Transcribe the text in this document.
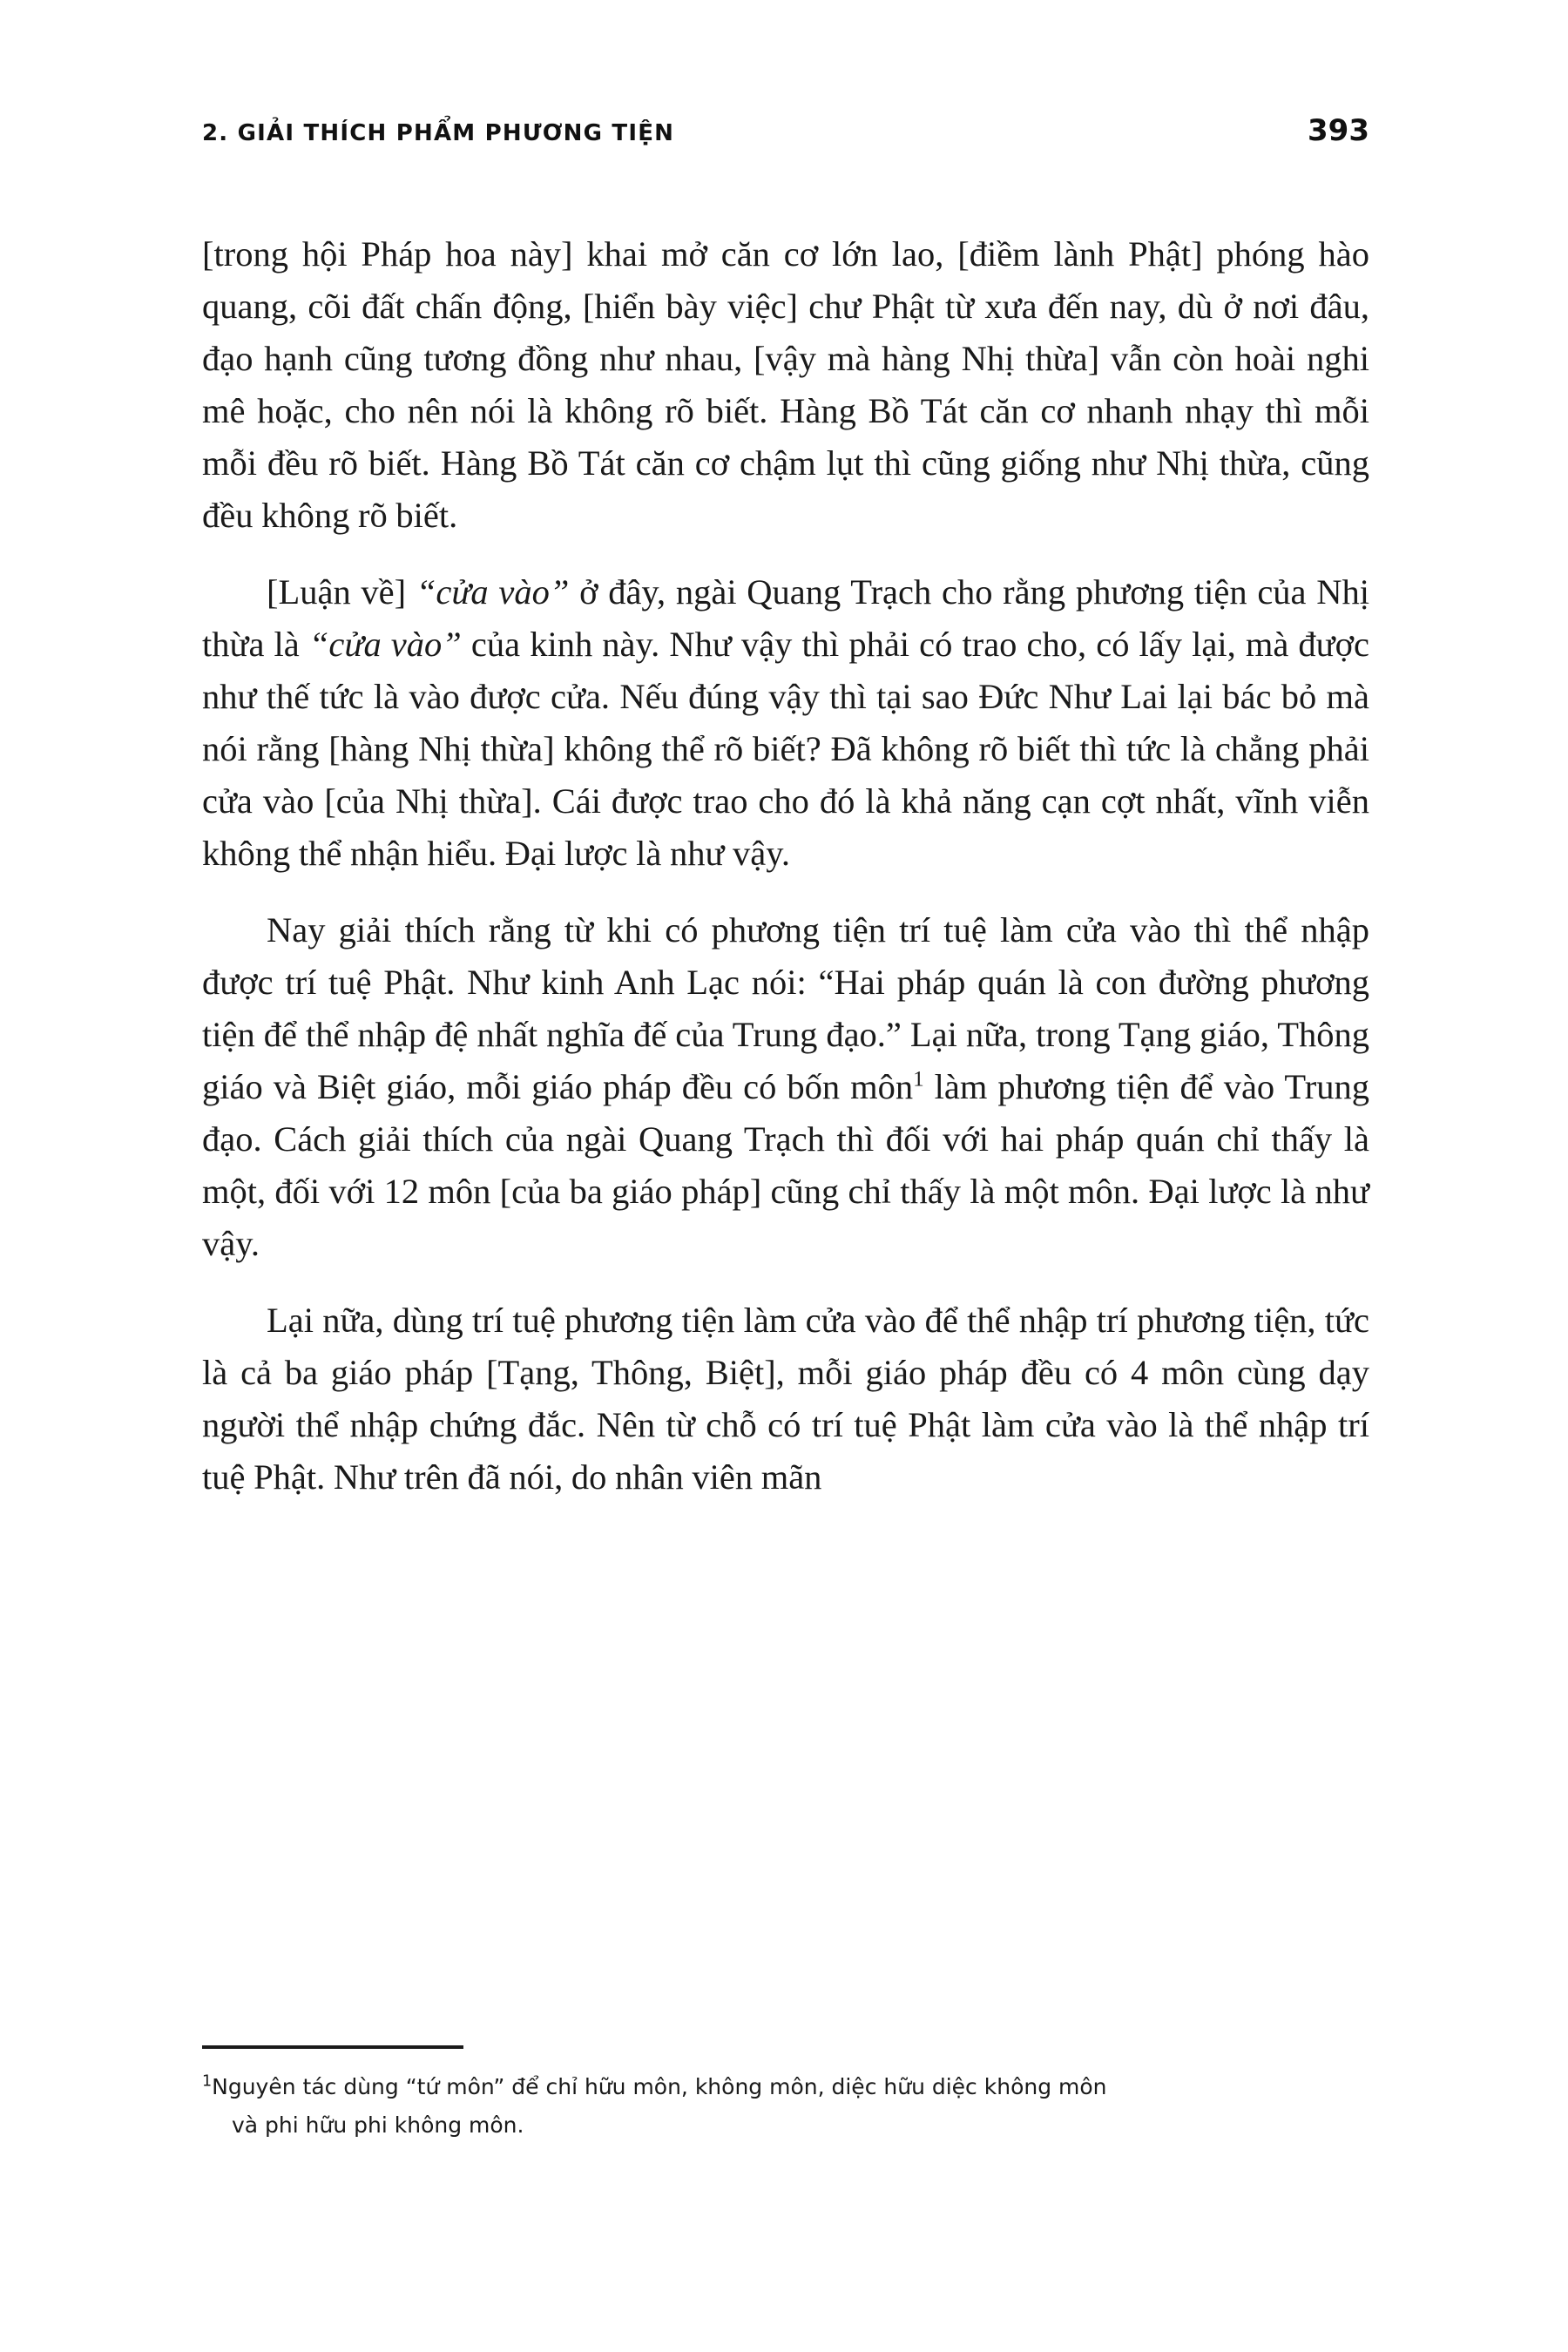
2. GIẢI THÍCH PHẨM PHƯƠNG TIỆN	393

[trong hội Pháp hoa này] khai mở căn cơ lớn lao, [điềm lành Phật] phóng hào quang, cõi đất chấn động, [hiển bày việc] chư Phật từ xưa đến nay, dù ở nơi đâu, đạo hạnh cũng tương đồng như nhau, [vậy mà hàng Nhị thừa] vẫn còn hoài nghi mê hoặc, cho nên nói là không rõ biết. Hàng Bồ Tát căn cơ nhanh nhạy thì mỗi mỗi đều rõ biết. Hàng Bồ Tát căn cơ chậm lụt thì cũng giống như Nhị thừa, cũng đều không rõ biết.

[Luận về] “cửa vào” ở đây, ngài Quang Trạch cho rằng phương tiện của Nhị thừa là “cửa vào” của kinh này. Như vậy thì phải có trao cho, có lấy lại, mà được như thế tức là vào được cửa. Nếu đúng vậy thì tại sao Đức Như Lai lại bác bỏ mà nói rằng [hàng Nhị thừa] không thể rõ biết? Đã không rõ biết thì tức là chẳng phải cửa vào [của Nhị thừa]. Cái được trao cho đó là khả năng cạn cợt nhất, vĩnh viễn không thể nhận hiểu. Đại lược là như vậy.

Nay giải thích rằng từ khi có phương tiện trí tuệ làm cửa vào thì thể nhập được trí tuệ Phật. Như kinh Anh Lạc nói: “Hai pháp quán là con đường phương tiện để thể nhập đệ nhất nghĩa đế của Trung đạo.” Lại nữa, trong Tạng giáo, Thông giáo và Biệt giáo, mỗi giáo pháp đều có bốn môn$^1$ làm phương tiện để vào Trung đạo. Cách giải thích của ngài Quang Trạch thì đối với hai pháp quán chỉ thấy là một, đối với 12 môn [của ba giáo pháp] cũng chỉ thấy là một môn. Đại lược là như vậy.

Lại nữa, dùng trí tuệ phương tiện làm cửa vào để thể nhập trí phương tiện, tức là cả ba giáo pháp [Tạng, Thông, Biệt], mỗi giáo pháp đều có 4 môn cùng dạy người thể nhập chứng đắc. Nên từ chỗ có trí tuệ Phật làm cửa vào là thể nhập trí tuệ Phật. Như trên đã nói, do nhân viên mãn

$^1$Nguyên tác dùng “tứ môn” để chỉ hữu môn, không môn, diệc hữu diệc không môn
và phi hữu phi không môn.
